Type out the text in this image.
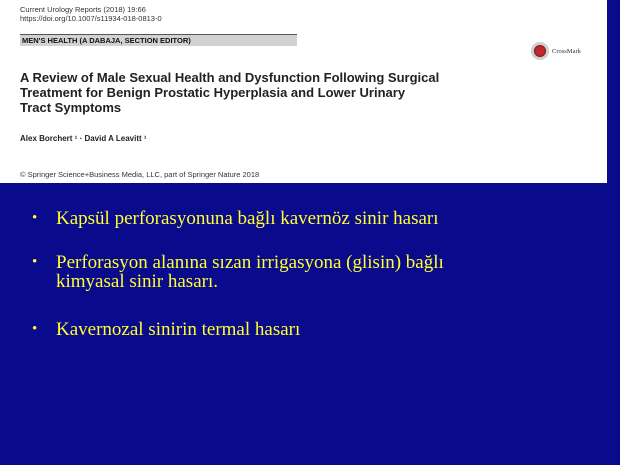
Current Urology Reports (2018) 19:66
https://doi.org/10.1007/s11934-018-0813-0
MEN'S HEALTH (A DABAJA, SECTION EDITOR)
CrossMark
A Review of Male Sexual Health and Dysfunction Following Surgical
Treatment for Benign Prostatic Hyperplasia and Lower Urinary
Tract Symptoms
Alex Borchert ¹ · David A Leavitt ¹
© Springer Science+Business Media, LLC, part of Springer Nature 2018
• Kapsül perforasyonuna bağlı kavernöz sinir hasarı
• Perforasyon alanına sızan irrigasyona (glisin) bağlı
kimyasal sinir hasarı.
• Kavernozal sinirin termal hasarı
